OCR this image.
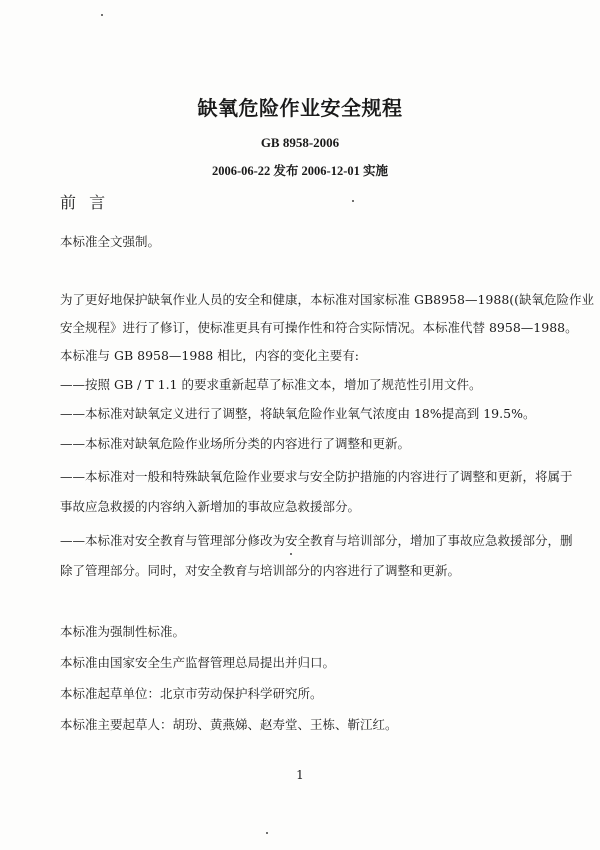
缺氧危险作业安全规程
GB 8958-2006
2006-06-22 发布 2006-12-01 实施
前 言
本标准全文强制。
为了更好地保护缺氧作业人员的安全和健康，本标准对国家标准 GB8958—1988((缺氧危险作业
安全规程》进行了修订，使标准更具有可操作性和符合实际情况。本标准代替 8958—1988。
本标准与 GB 8958—1988 相比，内容的变化主要有:
——按照 GB / T 1.1 的要求重新起草了标准文本，增加了规范性引用文件。
——本标准对缺氧定义进行了调整，将缺氧危险作业氧气浓度由 18%提高到 19.5%。
——本标准对缺氧危险作业场所分类的内容进行了调整和更新。
——本标准对一般和特殊缺氧危险作业要求与安全防护措施的内容进行了调整和更新，将属于
事故应急救援的内容纳入新增加的事故应急救援部分。
——本标准对安全教育与管理部分修改为安全教育与培训部分，增加了事故应急救援部分，删
除了管理部分。同时，对安全教育与培训部分的内容进行了调整和更新。
本标准为强制性标准。
本标准由国家安全生产监督管理总局提出并归口。
本标准起草单位：北京市劳动保护科学研究所。
本标准主要起草人：胡玢、黄燕娣、赵寿堂、王栋、靳江红。
1
